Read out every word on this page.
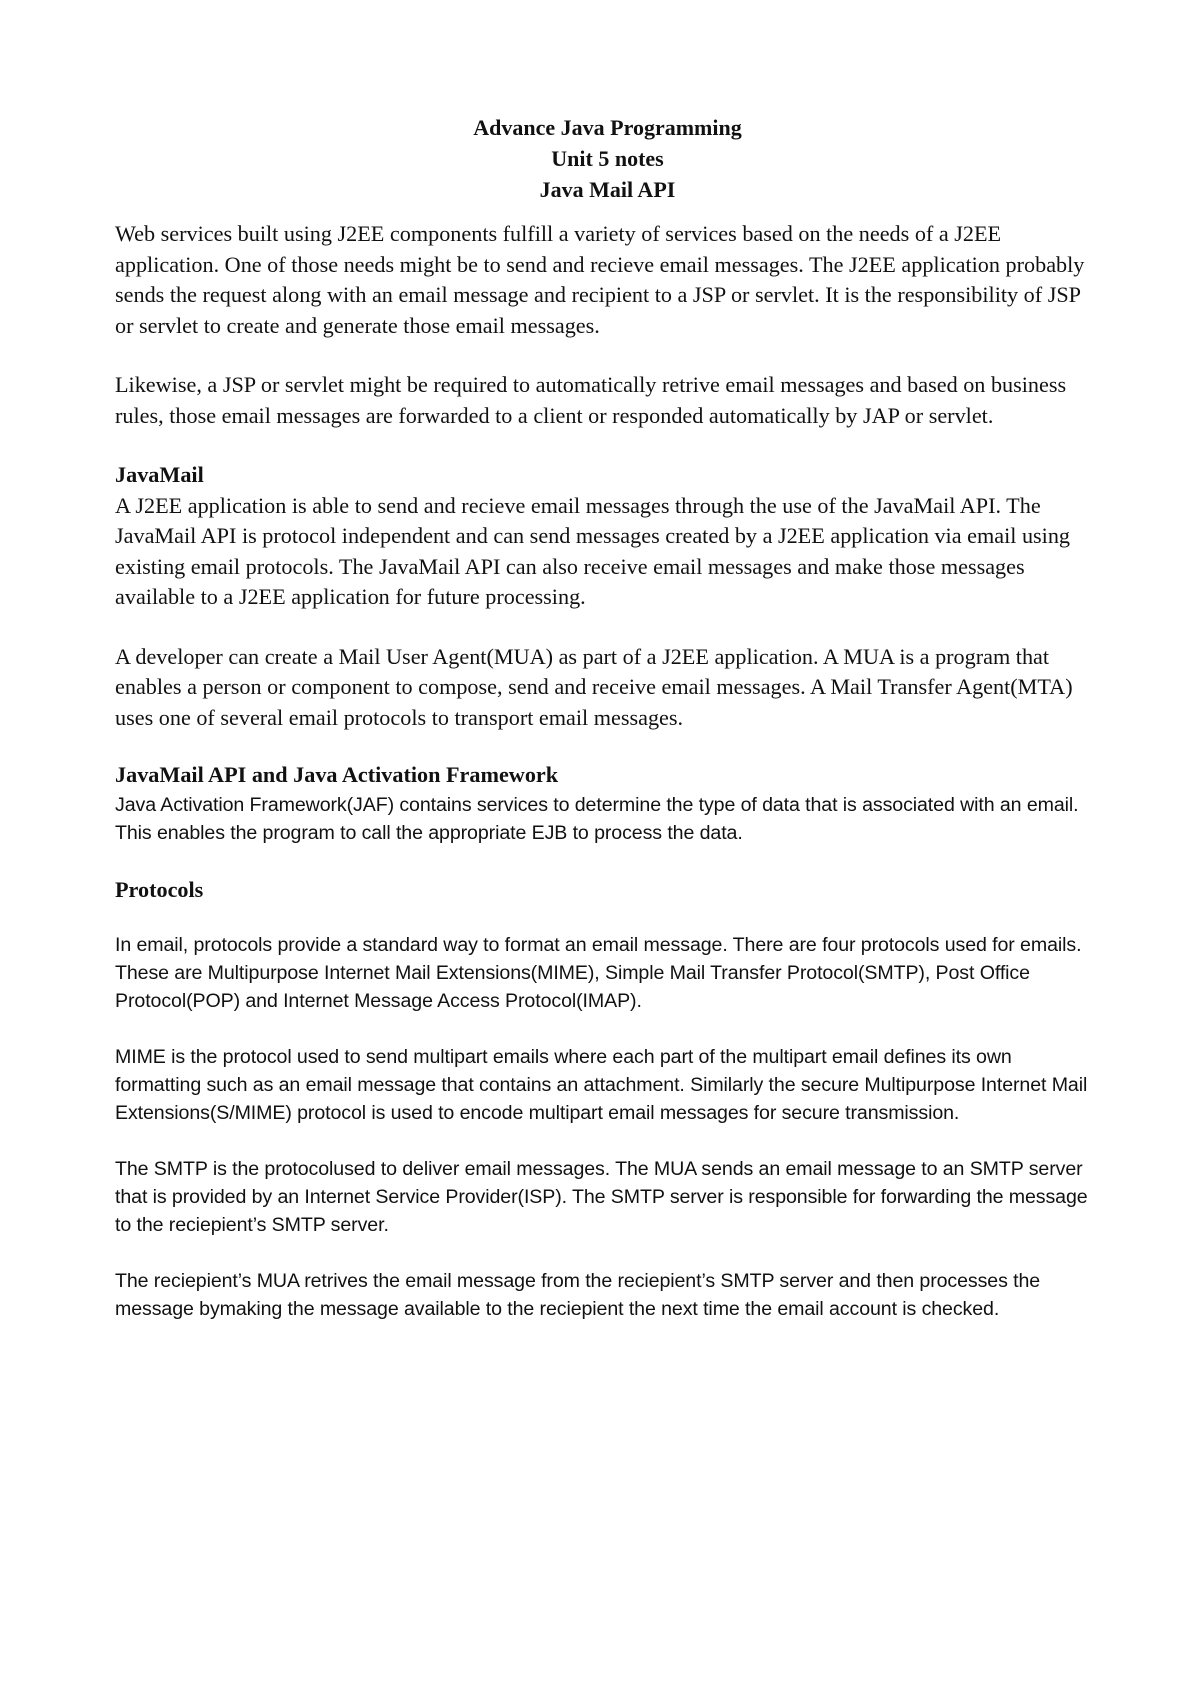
Advance Java Programming
Unit 5 notes
Java Mail API

Web services built using J2EE components fulfill a variety of services based on the needs of a J2EE application. One of those needs might be to send and recieve email messages. The J2EE application probably sends the request along with an email message and recipient to a JSP or servlet. It is the responsibility of JSP or servlet to create and generate those email messages.

Likewise, a JSP or servlet might be required to automatically retrive email messages and based on business rules, those email messages are forwarded to a client or responded automatically by JAP or servlet.

JavaMail

A J2EE application is able to send and recieve email messages through the use of the JavaMail API. The JavaMail API is protocol independent and can send messages created by a J2EE application via email using existing email protocols. The JavaMail API can also receive email messages and make those messages available to a J2EE application for future processing.

A developer can create a Mail User Agent(MUA) as part of a J2EE application. A MUA is a program that enables a person or component to compose, send and receive email messages. A Mail Transfer Agent(MTA) uses one of several email protocols to transport email messages.

JavaMail API and Java Activation Framework

Java Activation Framework(JAF) contains services to determine the type of data that is associated with an email. This enables the program to call the appropriate EJB to process the data.

Protocols

In email, protocols provide a standard way to format an email message. There are four protocols used for emails. These are Multipurpose Internet Mail Extensions(MIME), Simple Mail Transfer Protocol(SMTP), Post Office Protocol(POP) and Internet Message Access Protocol(IMAP).

MIME is the protocol used to send multipart emails where each part of the multipart email defines its own formatting such as an email message that contains an attachment. Similarly the secure Multipurpose Internet Mail Extensions(S/MIME) protocol is used to encode multipart email messages for secure transmission.

The SMTP is the protocolused to deliver email messages. The MUA sends an email message to an SMTP server that is provided by an Internet Service Provider(ISP). The SMTP server is responsible for forwarding the message to the reciepient’s SMTP server.

The reciepient’s MUA retrives the email message from the reciepient’s SMTP server and then processes the message bymaking the message available to the reciepient the next time the email account is checked.
